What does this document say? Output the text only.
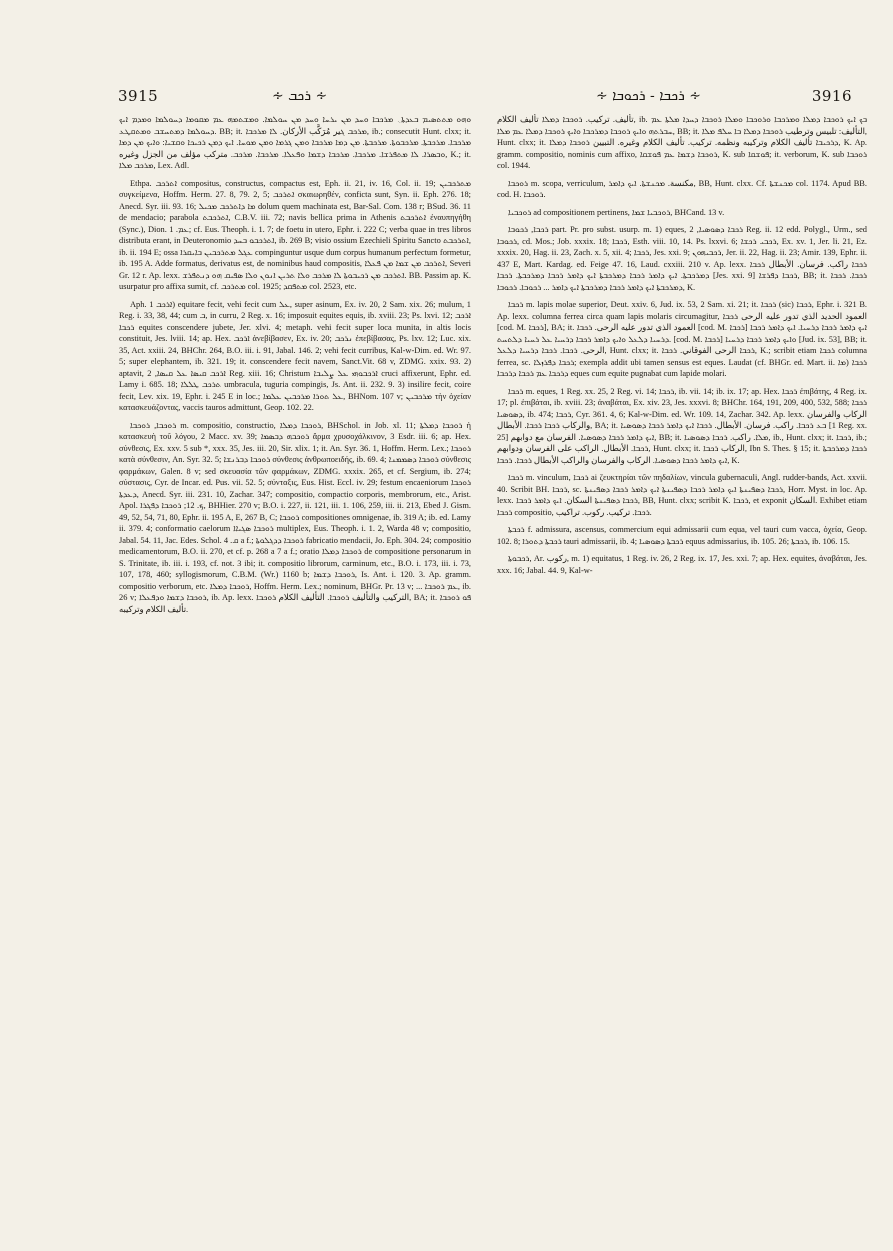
3915	∻ ܪܟܒ ∻	∻ ܪܟܒܐ - ܪܟܘܒܐ ∻	3916

ܘܗܘ ܡܬܬܣܝܡ ܒܥܕܬܐ܆ ܡܪܟܒܐ ܘܚܕ ܡܢ ܝܪܚܐ ܘܚܕ ܡܢ ܚܘܠܡܐ. ܘܡܫܬܡܗ ܥܡ ܡܩܘܡܐ ܕܚܘܠܡܐ ܘܡܕܡ ܐܝܟ ܕܚܘܠܡܐ ܕܡܬܚܫܒ ܘܡܬܩܛܥ. BB; it. ܡܪܟܒ ܓير مُرَكَّب الأركان. ܠܐ ܡܪܟܒܐ, ib.; consecutit Hunt. clxx; it. ܡܪܟܒܐ. ܡܪܟܒܬܐ. ܡܪܟܒܘܬܐ. ܡܪܟܒܬܐ. ܡܢ ܕܡܐ ܡܪܟܒܐ ܘܡܢ ܓܪܡܐ ܘܡܢ ܡܘܚܐ. ܐܝܟ ܕܡܢ ܪܟܝܟܐ ܘܩܫܝܐ: ܘܐܝܟ ܡܢ ܕܡܐ ܘܒܣܪܐ. ܠܐ ܡܬܦܪܫܐ. ܡܪܟܒܐ. ܡܪܟܒܐ ܕܫܡܐ ܘܦܥܠܐ. ܡܪܟܒܐ. ܡܪܟܒ. متركب مؤلف من الجزل وغيره, K.; it. ܡܪܟܒ ܡܠܐ, Lex. Adl.

Ethpa. ܐܬܪܟܒ compositus, constructus, compactus est, Eph. ii. 21, iv. 16, Col. ii. 19; ܡܬܪܟܒܝܢ συγκείμενα, Hoffm. Herm. 27. 8, 79. 2, 5; ܐܬܪܟܒ σκαιωρηθέν, conficta sunt, Syn. ii. Eph. 276. 18; Anecd. Syr. iii. 93. 16; ܡܐ ܕܐܬܪܟܒ ܡܟܝܠ dolum quem machinata est, Bar-Sal. Com. 138 r; BSud. 36. 11 de mendacio; parabola ܐܬܪܟܒܬ, C.B.V. iii. 72; navis bellica prima in Athenis ܐܬܪܟܒܬ ἐναυπηγήθη (Sync.), Dion. ܥܡ. 1; cf. Eus. Theoph. i. 1. 7; de foetu in utero, Ephr. i. 222 C; verba quae in tres libros distributa erant, in Deuteronomio ܐܬܪܟܒܘ ܒܚܕ, ib. 269 B; visio ossium Ezechieli Spiritu Sancto ܐܬܪܟܒܬ, ib. ii. 194 E; ossa ܥܓܠ ܡܬܪܟܒܝܢ ܒܐܝܩܪܐ compinguntur usque dum corpus humanum perfectum formetur, ib. 195 A. Adde formatus, derivatus est, de nominibus haud compositis, ܐܬܪܟܒ ܡܢ ܫܡܐ ܡܢ ܦܥܠܐ, Severi Gr. 12 r. Ap. lexx. ܐܬܪܟܒ ܡܢ ܪܟܝܒܘܬܐ ܠܐ ܡܪܟܒ ܘܠܐ ܬܪܝܢ ܐܢܘܢ ܘܠܐ ܣܦܝܩ ܗܘ ܕܢܬܦܪܫ. BB. Passim ap. K. usurpatur pro affixa sumit, cf. ܡܬܪܟܒ col. 1925; ܡܬܦܩܕ col. 2523, etc.

Aph. ܐܪܟܒ 1) equitare fecit, vehi fecit cum ܥܠ, super asinum, Ex. iv. 20, 2 Sam. xix. 26; mulum, 1 Reg. i. 33, 38, 44; cum ܒ, in curru, 2 Reg. x. 16; imposuit equites equis, ib. xviii. 23; Ps. lxvi. 12; ܐܪܟܒ ܪܟܒܐ equites conscendere jubete, Jer. xlvi. 4; metaph. vehi fecit super loca munita, in altis locis constituit, Jes. lviii. 14; ap. Hex. ܐܪܟܒ ἀνεβίβασεν, Ex. iv. 20; ܢܪܟܒ ἐπεβίβασας, Ps. lxv. 12; Luc. xix. 35, Act. xxiii. 24, BHChr. 264, B.O. iii. i. 91, Jabal. 146. 2; vehi fecit curribus, Kal-w-Dim. ed. Wr. 97. 5; super elephantem, ib. 321. 19; it. conscendere fecit navem, Sanct.Vit. 68 v, ZDMG. xxix. 93. 2) aptavit, ܐܪܟܒ ܩܝܣܐ ܥܠ ܩܝܣܐ, 2 Reg. xiii. 16; Christum ܐܪܟܒܘܗܝ ܥܠ ܨܠܝܒܐ cruci affixerunt, Ephr. ed. Lamy i. 685. 18; ܬܪܟܒ ܛܠܠܐ umbracula, tuguria compingis, Js. Ant. ii. 232. 9. 3) insilire fecit, coire fecit, Lev. xix. 19, Ephr. i. 245 E in loc.; ܥܠ ܬܘܪܐ ܡܪܟܒܝܢ ܥܠܡܐ, BHNom. 107 v; ܡܪܟܒܝܢ τὴν ὀχείαν κατασκευάζοντας, vaccis tauros admittunt, Geop. 102. 22.

ܪܘܟܒܐ, ܪܘܟܒܐ m. compositio, constructio, ܪܘܟܒܐ ܕܡܠܐ, BHSchol. in Job. xl. 11; ܪܘܟܒܐ ܕܡܠܬܐ ἡ κατασκευὴ τοῦ λόγου, 2 Macc. xv. 39; ܪܘܟܒܗ ܕܒܣܡܐ ἄρμα χρυσοχάλκινον, 3 Esdr. iii. 6; ap. Hex. σύνθεσις, Ex. xxv. 5 sub *, xxx. 35, Jes. iii. 20, Sir. xlix. 1; it. An. Syr. 36. 1, Hoffm. Herm. Lex.; ܪܘܟܒܐ κατὰ σύνθεσιν, An. Syr. 32. 5; ܪܘܟܒܐ ܕܒܪܢܫܐ σύνθεσις ἀνθρωποειδής, ib. 69. 4; ܪܘܟܒܐ ܕܣܡܡܢܐ σύνθεσις φαρμάκων, Galen. 8 v; sed σκευασία τῶν φαρμάκων, ZDMG. xxxix. 265, et cf. Sergium, ib. 274; σύστασις, Cyr. de Incar. ed. Pus. vii. 52. 5; σύνταξις, Eus. Hist. Eccl. iv. 29; festum encaeniorum ܪܘܟܒܐ ܕܥܕܬܐ, Anecd. Syr. iii. 231. 10, Zachar. 347; compositio, compactio corporis, membrorum, etc., Arist. Apol. ܟ. 12; ܪܘܟܒܐ ܕܦܓܪܐ, BHHier. 270 v; B.O. i. 227, ii. 121, iii. 1. 106, 259, iii. ii. 213, Ebed J. Gism. 49, 52, 54, 71, 80, Ephr. ii. 195 A, E, 267 B, C; ܪܘܟܒܐ compositiones omnigenae, ib. 319 A; ib. ed. Lamy ii. 379. 4; conformatio caelorum ܪܘܟܒܐ ܣܓܝܐܐ multiplex, Eus. Theoph. i. 1. 2, Warda 48 v; compositio, Jabal. 54. 11, Jac. Edes. Schol. ܩ. 4 a f.; ܪܘܟܒܐ ܕܕܓܠܘܬܐ fabricatio mendacii, Jo. Eph. 304. 24; compositio medicamentorum, B.O. ii. 270, et cf. p. 268 a 7 a f.; oratio ܪܘܟܒܐ ܕܡܠܐ de compositione personarum in S. Trinitate, ib. iii. i. 193, cf. not. 3 ibi; it. compositio librorum, carminum, etc., B.O. i. 173, iii. i. 73, 107, 178, 460; syllogismorum, C.B.M. (Wr.) 1160 b; ܪܘܟܒܐ ܕܫܡܐ, Is. Ant. i. 120. 3. Ap. gramm. compositio verborum, etc. ܪܘܟܒܐ ܕܡܠܐ, Hoffm. Herm. Lex.; nominum, BHGr. Pr. 13 v; ... ܥܡ ܪܘܟܒܐ, ib. 26 v; ܪܘܟܒܐ ܕܫܡܐ ܘܕܦܥܠܐ, ib. Ap. lexx. التركيب والتأليف ܪܘܟܒܐ. التأليف الكلام ܪܘܟܒܐ, BA; it. ܦܘ ܪܘܟܒܐ تأليف الكلام وتركيبه.

تأليف. تركيب. ܪܘܟܒܐ ܕܡܠܐ تأليف الكلام, ib. ܒܟ ܐܝܟ ܪܘܟܒܐ ܕܡܠܐ ܘܡܪܟܒܐ ܘܪܘܟܒܐ ܘܡܠܐ ܪܘܟܒܐ ܕܚܕܐ ܡܠܬܐ ܥܡ ܚܒܪܬܗ ܘܐܝܟ ܪܘܟܒܐ ܕܡܪܟܒܐ ܘܐܝܟ ܪܘܟܒܐ ܕܡܠܐ ܥܡ ܡܠܐ, BB; it. التأليف: تلبيس وترطيب ܪܘܟܒܐ ܕܡܠܐ ܒܐ ܚܠܦ ܡܠܐ, Hunt. clxx; it. ܕܪܟܝܒܐ تأليف الكلام وتركيبه ونظمه. تركيب. تأليف الكلام وغيره. التبيين ܪܘܟܒܐ ܕܡܠܐ, K. Ap. gramm. compositio, nominis cum affixo, ܪܘܟܒܐ ܕܫܡܐ ܥܡ ܦܘܫܩܐ, K. sub ܦܘܫܩܐ; it. verborum, K. sub ܪܘܟܒܐ col. 1944.

ܪܘܟܒܐ m. scopa, verriculum, مكنسة. ܡܟܢܫܬܐ. ܐܝܟ ܕܐܡܪ, BB, Hunt. clxx. Cf. ܡܟܢܫܬܐ col. 1174. Apud BB. cod. H. ܪܘܟܒܐ.

ܪܘܟܒܝܐ ad compositionem pertinens, ܪܘܟܒܝܐ ܫܡܐ, BHCand. 13 v.

ܪܟܒܐ, ܪܟܘܒܐ part. Pr. pro subst. usurp. m. 1) eques, ܪܟܒܐ ܕܣܘܣܝܐ, 2 Reg. ii. 12 edd. Polygl., Urm., sed ܪܟܘܒܐ, cd. Mos.; Job. xxxix. 18; ܪܟܒܐ, Esth. viii. 10, 14. Ps. lxxvi. 6; ܪܟܒܝ ܪܟܫܐ, Ex. xv. 1, Jer. li. 21, Ez. xxxix. 20, Hag. ii. 23, Zach. x. 5, xii. 4; ܪܟܒܐ, Jes. xxi. 9; ܪܟܒܝܗܘܢ, Jer. ii. 22, Hag. ii. 23; Amir. 139, Ephr. ii. 437 E, Mart. Kardag. ed. Feige 47. 16, Laud. cxxiii. 210 v. Ap. lexx. ܪܟܒܐ راكب. فرسان. الأبطال ܪܟܒܐ ܕܡܪܟܒܬܐ. ܐܝܟ ܕܐܡܪ ܪܟܒܐ ܕܡܪܟܒܬܐ ܐܝܟ ܕܐܡܪ ܪܟܒܐ ܕܡܪܟܒܬܐ. ܪܟܒܐ [Jes. xxi. 9] ܪܟܒܐ ܕܦܪܫܐ, BB; it. ܪܟܒܐ. ܪܟܒܐ ܕܡܪܟܒܬܐ ܐܝܟ ܕܐܡܪ ܪܟܒܐ ܕܡܪܟܒܬܐ ܐܝܟ ܕܐܡܪ ... ܪܟܘܒܐ. ܪܟܘܒܐ, K.

ܪܟܒܐ m. lapis molae superior, Deut. xxiv. 6, Jud. ix. 53, 2 Sam. xi. 21; it. ܪܟܒܐ (sic) ܪܟܒܐ, Ephr. i. 321 B. Ap. lexx. columna ferrea circa quam lapis molaris circumagitur, العمود الحديد الذي تدور عليه الرحى ܪܟܒܐ [cod. M. ܪܟܒܐ], BA; it. العمود الذي تدور عليه الرحى. ܪܟܒܐ [cod. M. ܪܟܒܐ] ܐܝܟ ܕܐܡܪ ܪܟܒܐ ܕܪܚܝܐ. ܐܝܟ ܕܐܡܪ ܪܟܒܐ ܕܪܚܝܐ ܕܠܥܠ ܘܐܝܟ ܕܐܡܪ ܪܟܒܐ ܕܪܚܝܐ ܥܠ ܪܚܝܐ ܕܠܬܚܬ. [cod. M. ܪܟܒܐ] ܘܐܝܟ ܕܐܡܪ ܪܟܒܐ ܕܪܚܝܐ [Jud. ix. 53], BB; it. الرحى. ܪܟܒܐ. ܪܟܒܐ ܕܪܚܝܐ ܕܠܥܠ, Hunt. clxx; it. ܪܟܒܐ الرحى الفوقاني. ܪܟܒܐ, K.; scribit etiam ܪܟܒܐ columna ferrea, sc. ܪܟܒܐ ܕܦܪܙܠܐ; exempla addit ubi tamen sensus est eques. Laudat (cf. BHGr. ed. Mart. ii. ܡܐ) ܪܟܒܐ ܕܪܟܒܐ ܥܡ ܪܟܒܐ ܕܪܟܒܐ eques cum equite pugnabat cum lapide molari.

ܪܟܒܐ m. eques, 1 Reg. xx. 25, 2 Reg. vi. 14; ܪܟܒܐ, ib. vii. 14; ib. ix. 17; ap. Hex. ܪܟܒܐ ἐπιβάτης, 4 Reg. ix. 17; pl. ἐπιβάται, ib. xviii. 23; ἀναβάται, Ex. xiv. 23, Jes. xxxvi. 8; BHChr. 164, 191, 209, 400, 532, 588; ܪܟܒܐ ܕܣܘܣܝܐ, ib. 474; ܪܟܒܐ, Cyr. 361. 4, 6; Kal-w-Dim. ed. Wr. 109. 14, Zachar. 342. Ap. lexx. الركاب والفرسان والركاب ܪܟܒܐ ܪܟܒܐ. الأبطال, BA; it. ܒܥ ܪܟܒܐ. راكب. فرسان. الأبطال. ܪܟܒܐ ܐܝܟ ܕܐܡܪ ܪܟܒܐ ܕܣܘܣܝܐ [1 Reg. xx. 25] ܐܝܟ ܕܐܡܪ ܪܟܒܐ ܕܣܘܣܝܐ. الفرسان مع دوابهم, BB; it. ܡܠܐ. راكب. ܪܟܒܐ ܕܣܘܣܝܐ, ib., Hunt. clxx; it. ܪܟܒܐ, ib.; ܪܟܒܐ. الأبطال. الراكب على الفرسان ودوابهم, Hunt. clxx; it. الركاب ܪܟܒܐ, Ibn S. Thes. § 15; it. ܪܟܒܐ ܕܡܪܟܒܬܐ ܐܝܟ ܕܐܡܪ ܪܟܒܐ ܕܣܘܣܝܐ. الركاب والفرسان والراكب الأبطال ܪܟܒܐ. ܪܟܒܐ, K.

ܪܟܒܐ m. vinculum, ܪܟܒܐ ai ζευκτηρίαι τῶν πηδαλίων, vincula gubernaculi, Angl. rudder-bands, Act. xxvii. 40. Scribit BH. ܪܟܒܐ, sc. ܪܟܒܐ ܕܣܦܝܢܬܐ ܐܝܟ ܕܐܡܪ ܪܟܒܐ ܕܣܦܝܢܬܐ ܐܝܟ ܕܐܡܪ ܪܟܒܐ ܕܣܦܝܢܬܐ, Horr. Myst. in loc. Ap. lexx. ܪܟܒܐ ܕܣܦܝܢܬܐ السكان. ܐܝܟ ܕܐܡܪ ܪܟܒܐ, BB, Hunt. clxx; scribit K. ܪܟܒܐ, et exponit السكان. Exhibet etiam ܪܟܒܐ compositio, ܪܟܒܐ. تركيب. ركوب. تراكيب.

ܪܟܒܬܐ f. admissura, ascensus, commercium equi admissarii cum equa, vel tauri cum vacca, ὀχεία, Geop. 102. 8; ܪܟܒܬܐ ܕܬܘܪܐ tauri admissarii, ib. 4; ܪܟܒܬܐ ܕܣܘܣܝܐ equus admissarius, ib. 105. 26; ܪܟܒܬܐ, ib. 106. 15.

ܪܟܒܘܬܐ, Ar. رکوب, m. 1) equitatus, 1 Reg. iv. 26, 2 Reg. ix. 17, Jes. xxi. 7; ap. Hex. equites, ἀναβάται, Jes. xxx. 16; Jabal. 44. 9, Kal-w-
